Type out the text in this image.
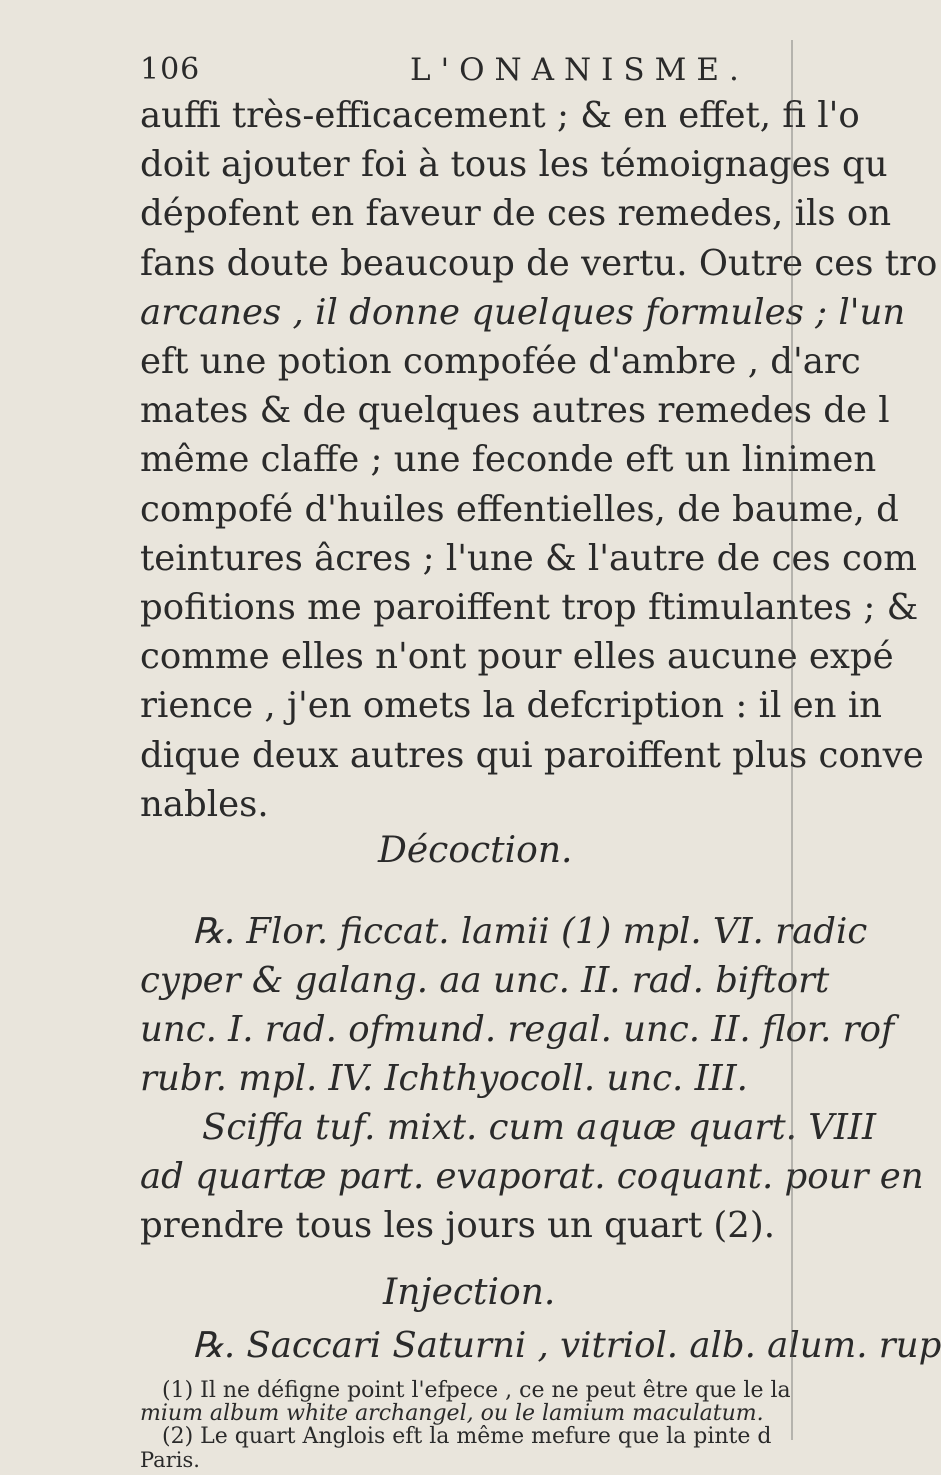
106	L'ONANISME.
auffi très-efficacement ; & en effet, fi l'o
doit ajouter foi à tous les témoignages qu
dépofent en faveur de ces remedes, ils on
fans doute beaucoup de vertu. Outre ces tro
arcanes , il donne quelques formules ; l'un
eft une potion compofée d'ambre , d'arc
mates & de quelques autres remedes de l
même claffe ; une feconde eft un linimen
compofé d'huiles effentielles, de baume, d
teintures âcres ; l'une & l'autre de ces com
pofitions me paroiffent trop ftimulantes ; &
comme elles n'ont pour elles aucune expé
rience , j'en omets la defcription : il en in
dique deux autres qui paroiffent plus conve
nables.
Décoction.
℞. Flor. ficcat. lamii (1) mpl. VI. radic
cyper & galang. aa unc. II. rad. biftort
unc. I. rad. ofmund. regal. unc. II. flor. rof
rubr. mpl. IV. Ichthyocoll. unc. III.
Sciffa tuf. mixt. cum aquæ quart. VIII
ad quartæ part. evaporat. coquant. pour en
prendre tous les jours un quart (2).
Injection.
℞. Saccari Saturni , vitriol. alb. alum. rup
(1) Il ne défigne point l'efpece , ce ne peut être que le la
mium album white archangel, ou le lamium maculatum.
(2) Le quart Anglois eft la même mefure que la pinte d
Paris.
